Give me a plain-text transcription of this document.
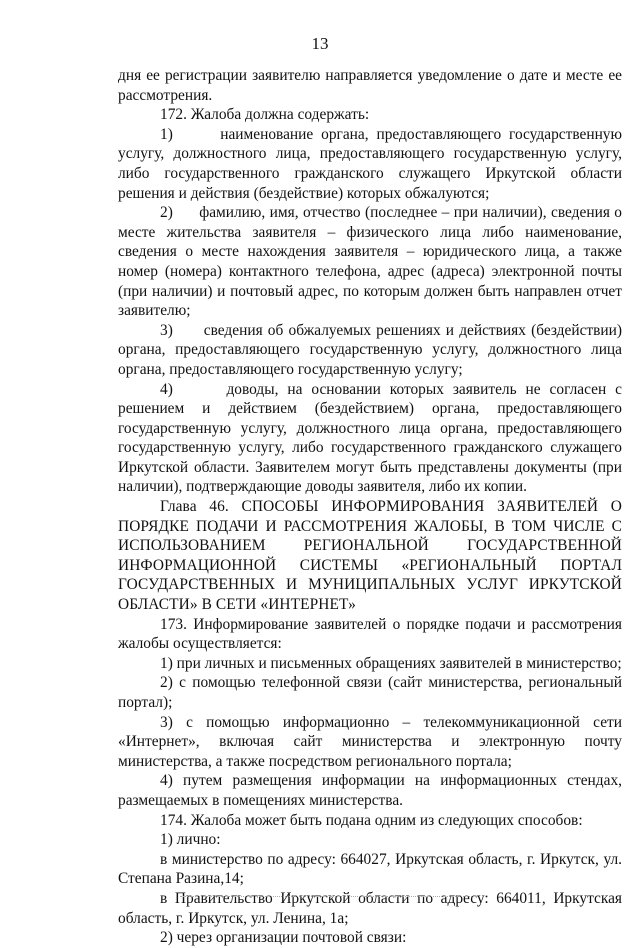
13

дня ее регистрации заявителю направляется уведомление о дате и месте ее рассмотрения.

172. Жалоба должна содержать:

1)      наименование органа, предоставляющего государственную услугу, должностного лица, предоставляющего государственную услугу, либо государственного гражданского служащего Иркутской области решения и действия (бездействие) которых обжалуются;

2)      фамилию, имя, отчество (последнее – при наличии), сведения о месте жительства заявителя – физического лица либо наименование, сведения о месте нахождения заявителя – юридического лица, а также номер (номера) контактного телефона, адрес (адреса) электронной почты (при наличии) и почтовый адрес, по которым должен быть направлен отчет заявителю;

3)      сведения об обжалуемых решениях и действиях (бездействии) органа, предоставляющего государственную услугу, должностного лица органа, предоставляющего государственную услугу;

4)      доводы, на основании которых заявитель не согласен с решением и действием (бездействием) органа, предоставляющего государственную услугу, должностного лица органа, предоставляющего государственную услугу, либо государственного гражданского служащего Иркутской области. Заявителем могут быть представлены документы (при наличии), подтверждающие доводы заявителя, либо их копии.

Глава 46. СПОСОБЫ ИНФОРМИРОВАНИЯ ЗАЯВИТЕЛЕЙ О ПОРЯДКЕ ПОДАЧИ И РАССМОТРЕНИЯ ЖАЛОБЫ, В ТОМ ЧИСЛЕ С ИСПОЛЬЗОВАНИЕМ РЕГИОНАЛЬНОЙ ГОСУДАРСТВЕННОЙ ИНФОРМАЦИОННОЙ СИСТЕМЫ «РЕГИОНАЛЬНЫЙ ПОРТАЛ ГОСУДАРСТВЕННЫХ И МУНИЦИПАЛЬНЫХ УСЛУГ ИРКУТСКОЙ ОБЛАСТИ» В СЕТИ «ИНТЕРНЕТ»

173. Информирование заявителей о порядке подачи и рассмотрения жалобы осуществляется:

1) при личных и письменных обращениях заявителей в министерство;

2) с помощью телефонной связи (сайт министерства, региональный портал);

3) с помощью информационно – телекоммуникационной сети «Интернет», включая сайт министерства и электронную почту министерства, а также посредством регионального портала;

4) путем размещения информации на информационных стендах, размещаемых в помещениях министерства.

174. Жалоба может быть подана одним из следующих способов:

1) лично:

в министерство по адресу: 664027, Иркутская область, г. Иркутск, ул. Степана Разина,14;

в Правительство Иркутской области по адресу: 664011, Иркутская область, г. Иркутск, ул. Ленина, 1а;

2) через организации почтовой связи:
